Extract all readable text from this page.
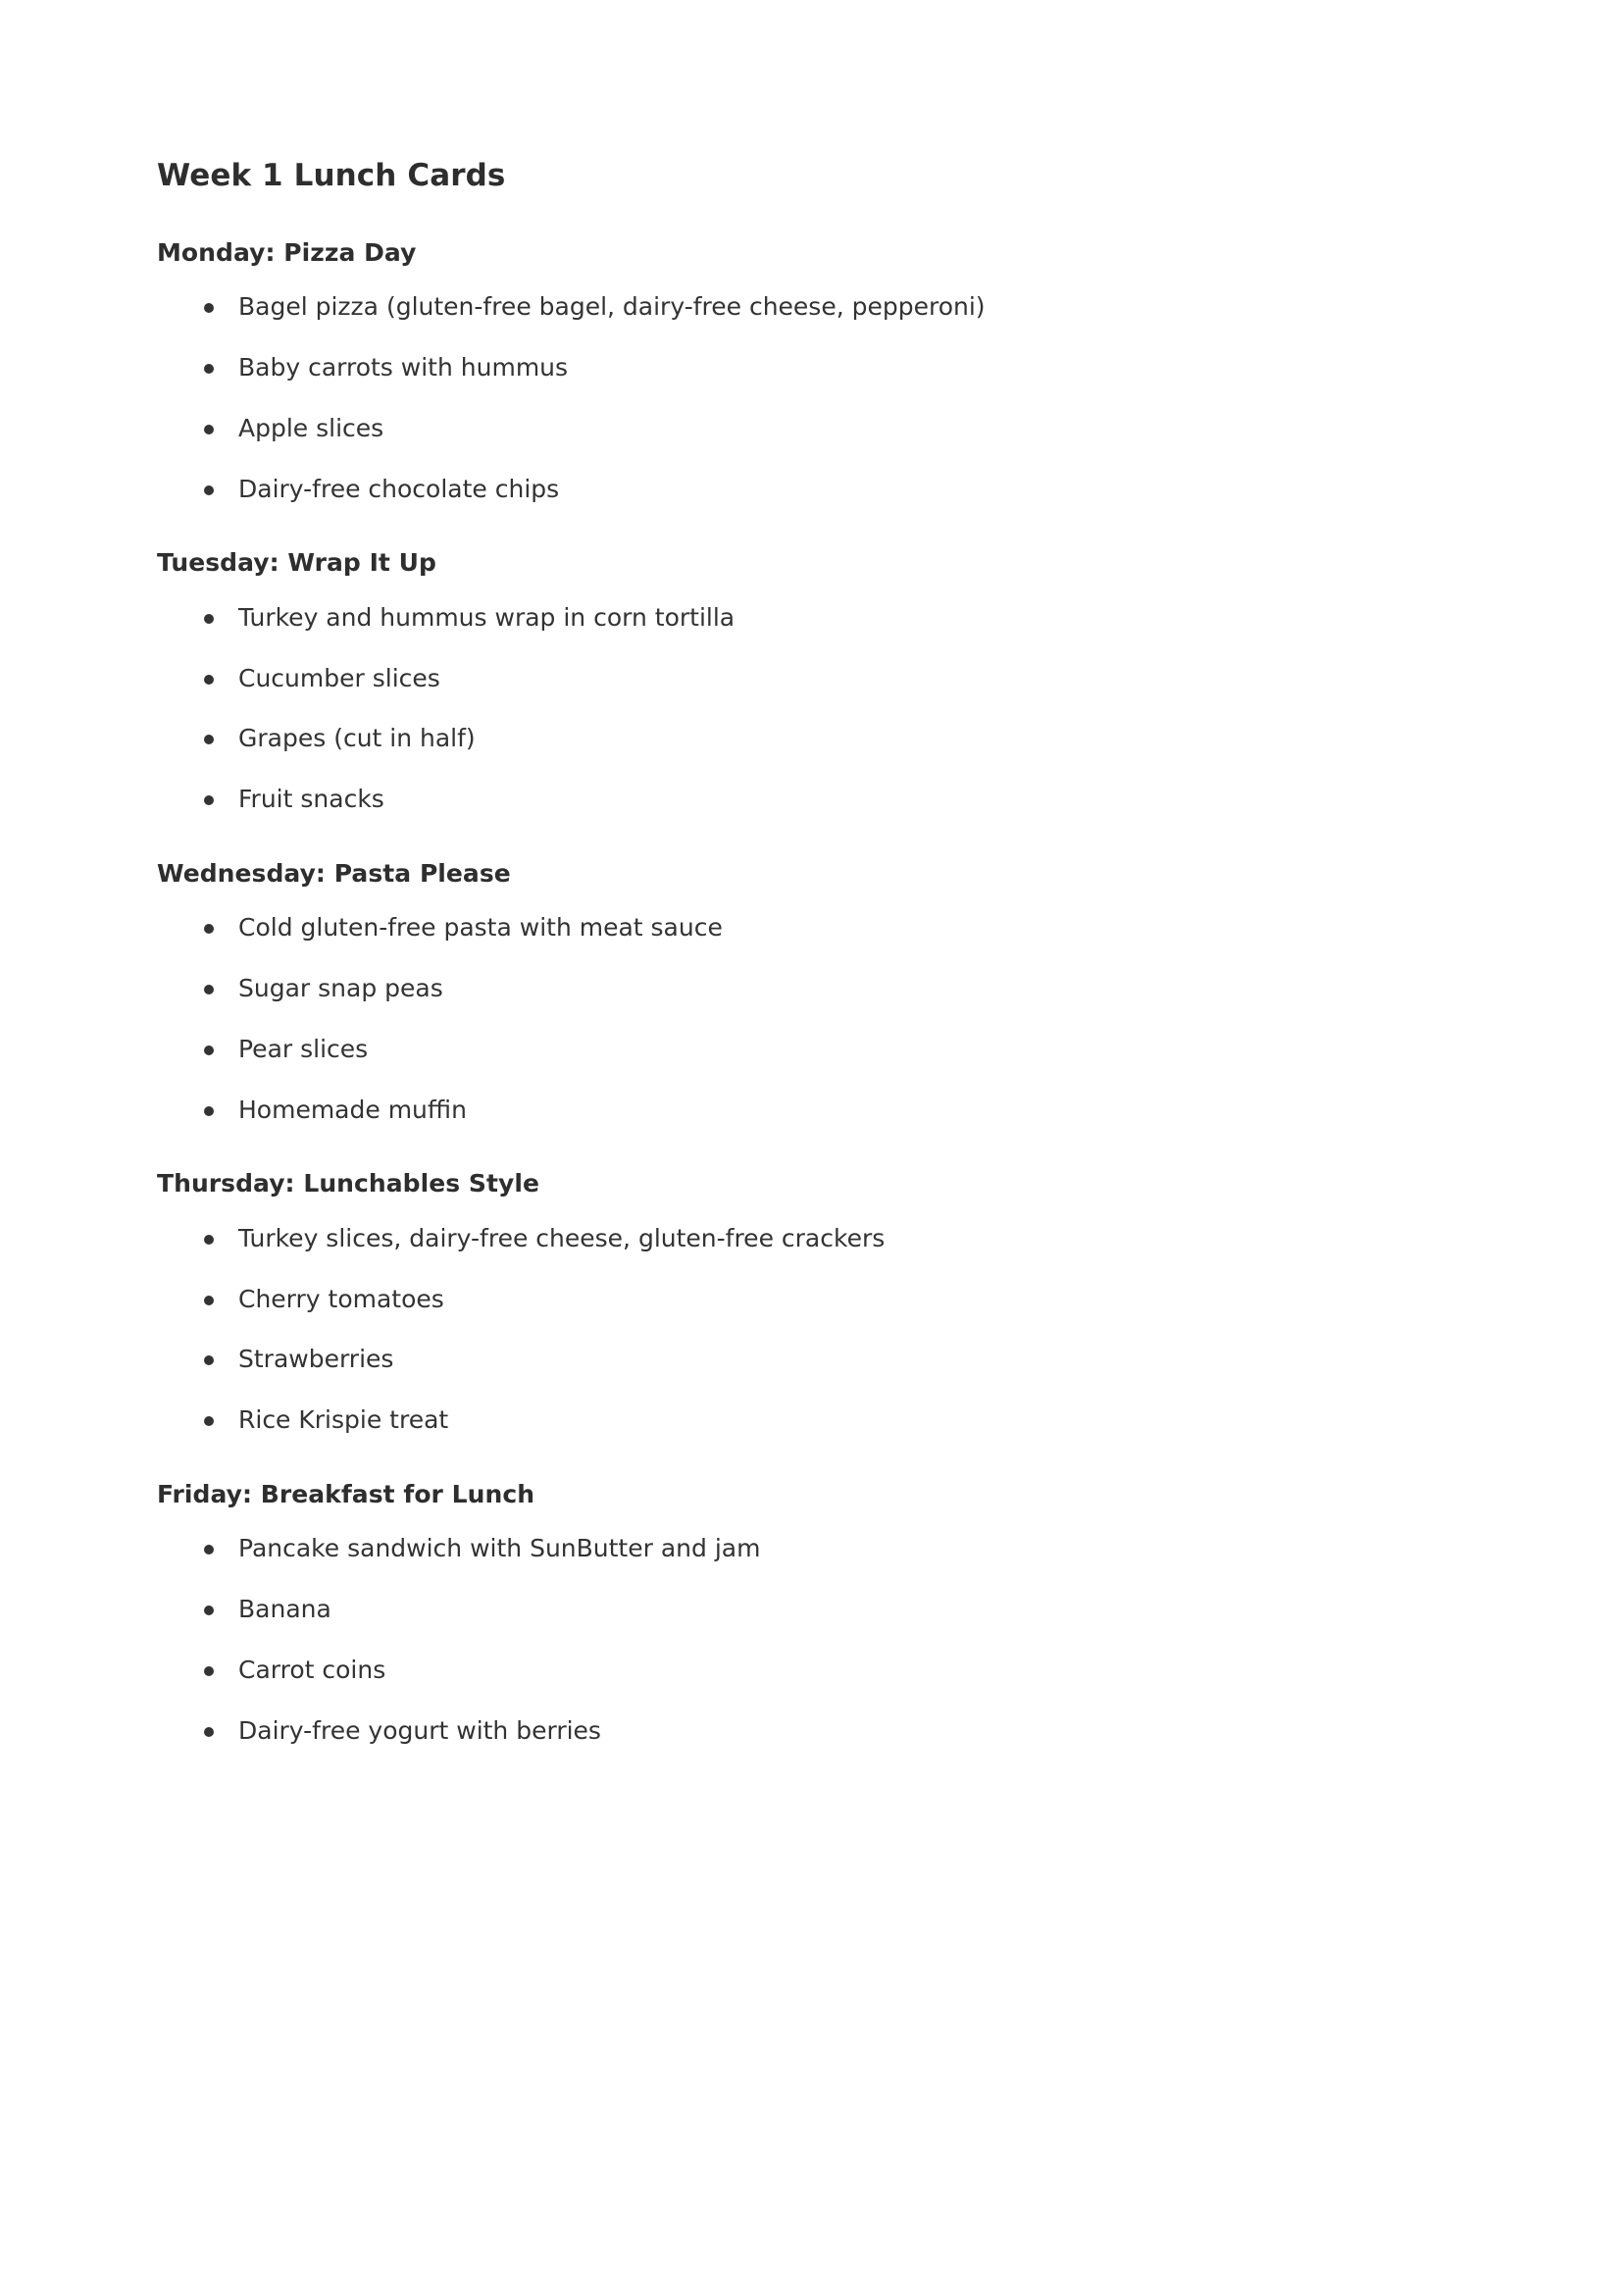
Week 1 Lunch Cards
Monday: Pizza Day
Bagel pizza (gluten-free bagel, dairy-free cheese, pepperoni)
Baby carrots with hummus
Apple slices
Dairy-free chocolate chips
Tuesday: Wrap It Up
Turkey and hummus wrap in corn tortilla
Cucumber slices
Grapes (cut in half)
Fruit snacks
Wednesday: Pasta Please
Cold gluten-free pasta with meat sauce
Sugar snap peas
Pear slices
Homemade muffin
Thursday: Lunchables Style
Turkey slices, dairy-free cheese, gluten-free crackers
Cherry tomatoes
Strawberries
Rice Krispie treat
Friday: Breakfast for Lunch
Pancake sandwich with SunButter and jam
Banana
Carrot coins
Dairy-free yogurt with berries
